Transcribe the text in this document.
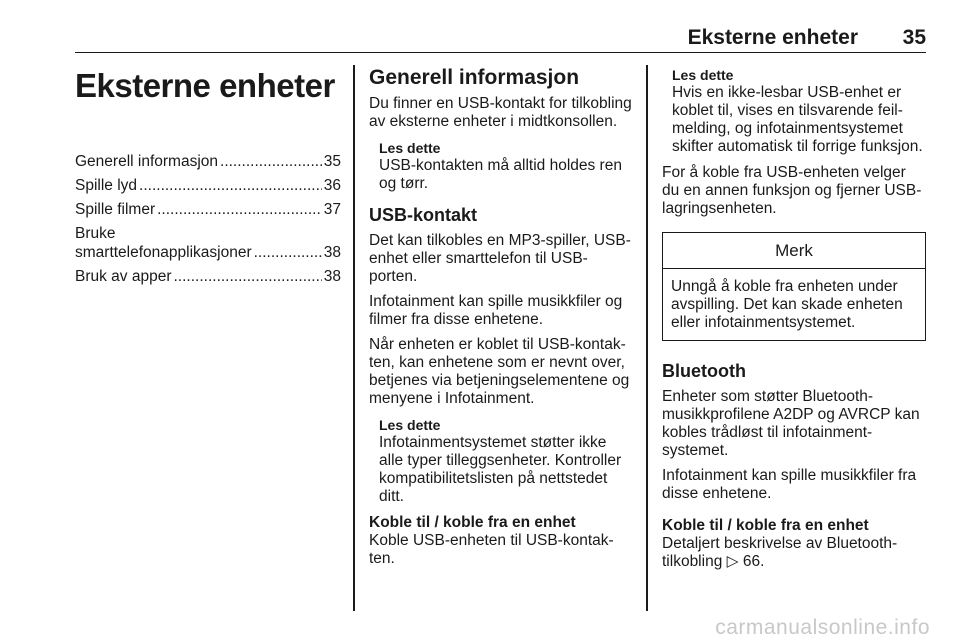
Eksterne enheter 35
Eksterne enheter
Generell informasjon .....	35
Spille lyd .....	36
Spille filmer .....	37
Bruke
smarttelefonapplikasjoner .....	38
Bruk av apper .....	38
Generell informasjon

Du finner en USB-kontakt for tilkobling av eksterne enheter i midtkonsollen.

Les dette
USB-kontakten må alltid holdes ren og tørr.
USB-kontakt

Det kan tilkobles en MP3-spiller, USB-enhet eller smarttelefon til USB-porten.

Infotainment kan spille musikkfiler og filmer fra disse enhetene.

Når enheten er koblet til USB-kontakten, kan enhetene som er nevnt over, betjenes via betjeningselementene og menyene i Infotainment.

Les dette
Infotainmentsystemet støtter ikke alle typer tilleggsenheter. Kontroller kompatibilitetslisten på nettstedet ditt.
Koble til / koble fra en enhet

Koble USB-enheten til USB-kontakten.

Les dette
Hvis en ikke-lesbar USB-enhet er koblet til, vises en tilsvarende feilmelding, og infotainmentsystemet skifter automatisk til forrige funksjon.

For å koble fra USB-enheten velger du en annen funksjon og fjerner USB-lagringsenheten.

Merk
Unngå å koble fra enheten under avspilling. Det kan skade enheten eller infotainmentsystemet.
Bluetooth

Enheter som støtter Bluetooth-musikkprofilene A2DP og AVRCP kan kobles trådløst til infotainmentsystemet.

Infotainment kan spille musikkfiler fra disse enhetene.

Koble til / koble fra en enhet

Detaljert beskrivelse av Bluetooth-tilkobling ▷ 66.

carmanualsonline.info
